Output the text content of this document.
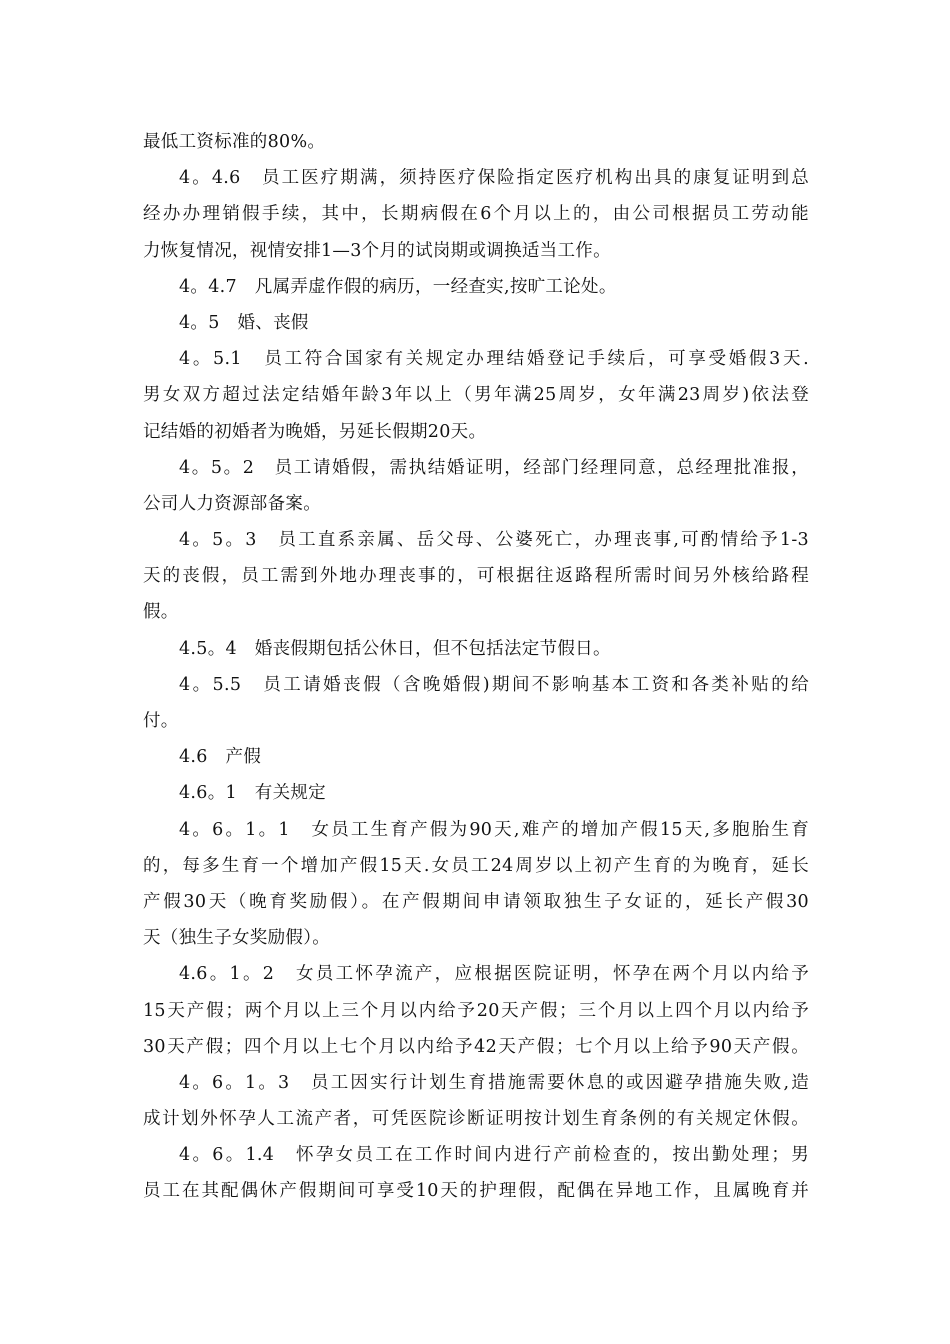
最低工资标准的80%。
4。4.6　员工医疗期满，须持医疗保险指定医疗机构出具的康复证明到总
经办办理销假手续，其中，长期病假在6个月以上的，由公司根据员工劳动能
力恢复情况，视情安排1—3个月的试岗期或调换适当工作。
4。4.7　凡属弄虚作假的病历，一经查实,按旷工论处。
4。5　婚、丧假
4。5.1　员工符合国家有关规定办理结婚登记手续后，可享受婚假3天.
男女双方超过法定结婚年龄3年以上（男年满25周岁，女年满23周岁)依法登
记结婚的初婚者为晚婚，另延长假期20天。
4。5。2　员工请婚假，需执结婚证明，经部门经理同意，总经理批准报，
公司人力资源部备案。
4。5。3　员工直系亲属、岳父母、公婆死亡，办理丧事,可酌情给予1-3
天的丧假，员工需到外地办理丧事的，可根据往返路程所需时间另外核给路程
假。
4.5。4　婚丧假期包括公休日，但不包括法定节假日。
4。5.5　员工请婚丧假（含晚婚假)期间不影响基本工资和各类补贴的给
付。
4.6　产假
4.6。1　有关规定
4。6。1。1　女员工生育产假为90天,难产的增加产假15天,多胞胎生育
的，每多生育一个增加产假15天.女员工24周岁以上初产生育的为晚育，延长
产假30天（晚育奖励假）。在产假期间申请领取独生子女证的，延长产假30
天（独生子女奖励假）。
4.6。1。2　女员工怀孕流产，应根据医院证明，怀孕在两个月以内给予
15天产假；两个月以上三个月以内给予20天产假；三个月以上四个月以内给予
30天产假；四个月以上七个月以内给予42天产假；七个月以上给予90天产假。
4。6。1。3　员工因实行计划生育措施需要休息的或因避孕措施失败,造
成计划外怀孕人工流产者，可凭医院诊断证明按计划生育条例的有关规定休假。
4。6。1.4　怀孕女员工在工作时间内进行产前检查的，按出勤处理；男
员工在其配偶休产假期间可享受10天的护理假，配偶在异地工作，且属晚育并
